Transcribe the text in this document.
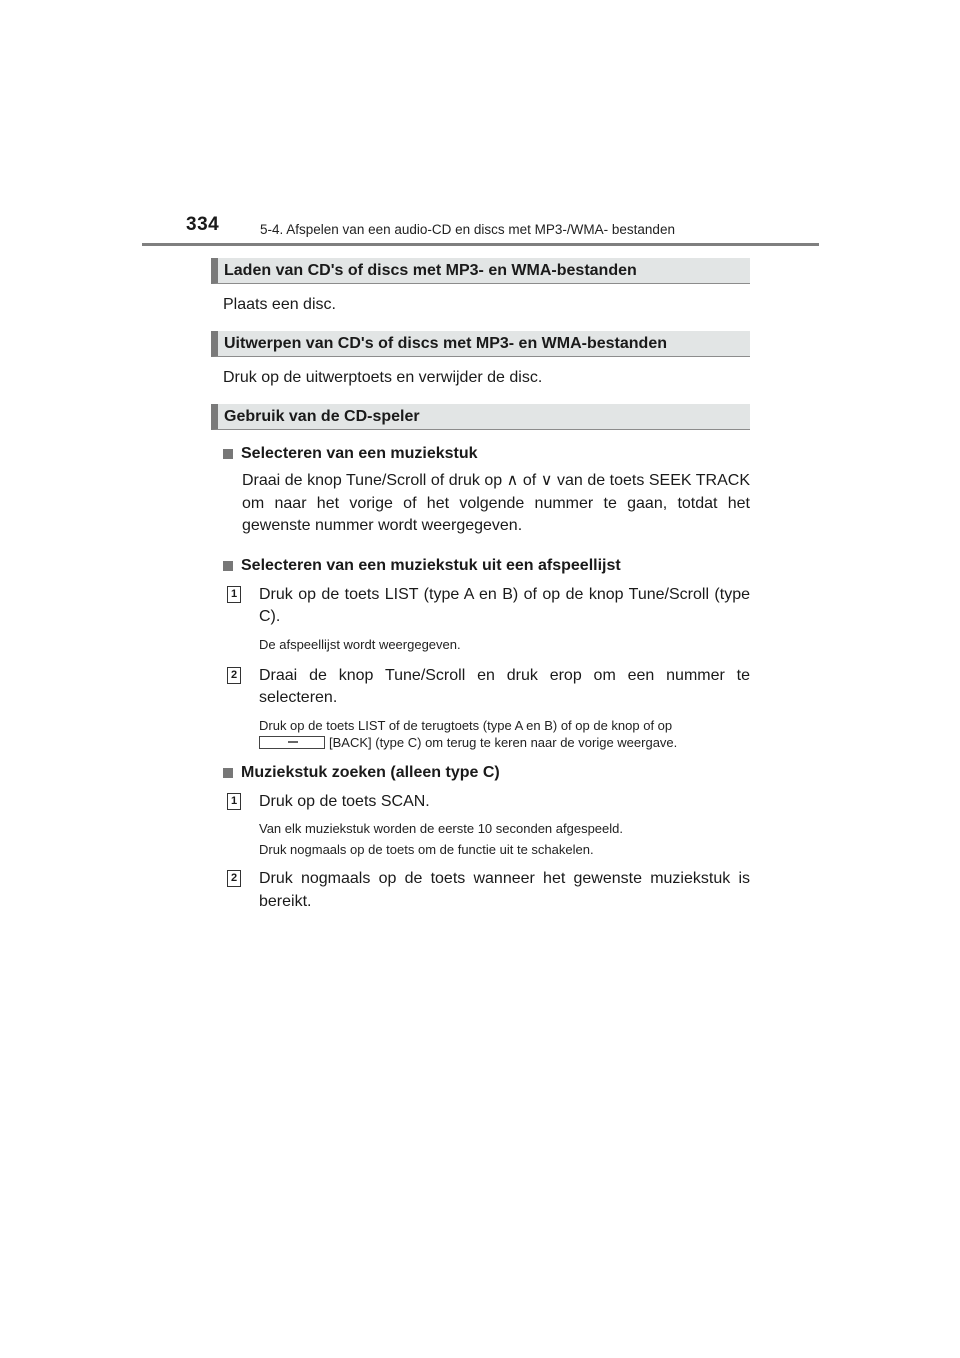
334	5-4. Afspelen van een audio-CD en discs met MP3-/WMA- bestanden
Laden van CD's of discs met MP3- en WMA-bestanden
Plaats een disc.
Uitwerpen van CD's of discs met MP3- en WMA-bestanden
Druk op de uitwerptoets en verwijder de disc.
Gebruik van de CD-speler
Selecteren van een muziekstuk
Draai de knop Tune/Scroll of druk op ∧ of ∨ van de toets SEEK TRACK om naar het vorige of het volgende nummer te gaan, totdat het gewenste nummer wordt weergegeven.
Selecteren van een muziekstuk uit een afspeellijst
1 Druk op de toets LIST (type A en B) of op de knop Tune/Scroll (type C).
De afspeellijst wordt weergegeven.
2 Draai de knop Tune/Scroll en druk erop om een nummer te selecteren.
Druk op de toets LIST of de terugtoets (type A en B) of op de knop of op
[BACK] (type C) om terug te keren naar de vorige weergave.
Muziekstuk zoeken (alleen type C)
1 Druk op de toets SCAN.
Van elk muziekstuk worden de eerste 10 seconden afgespeeld.
Druk nogmaals op de toets om de functie uit te schakelen.
2 Druk nogmaals op de toets wanneer het gewenste muziekstuk is bereikt.
